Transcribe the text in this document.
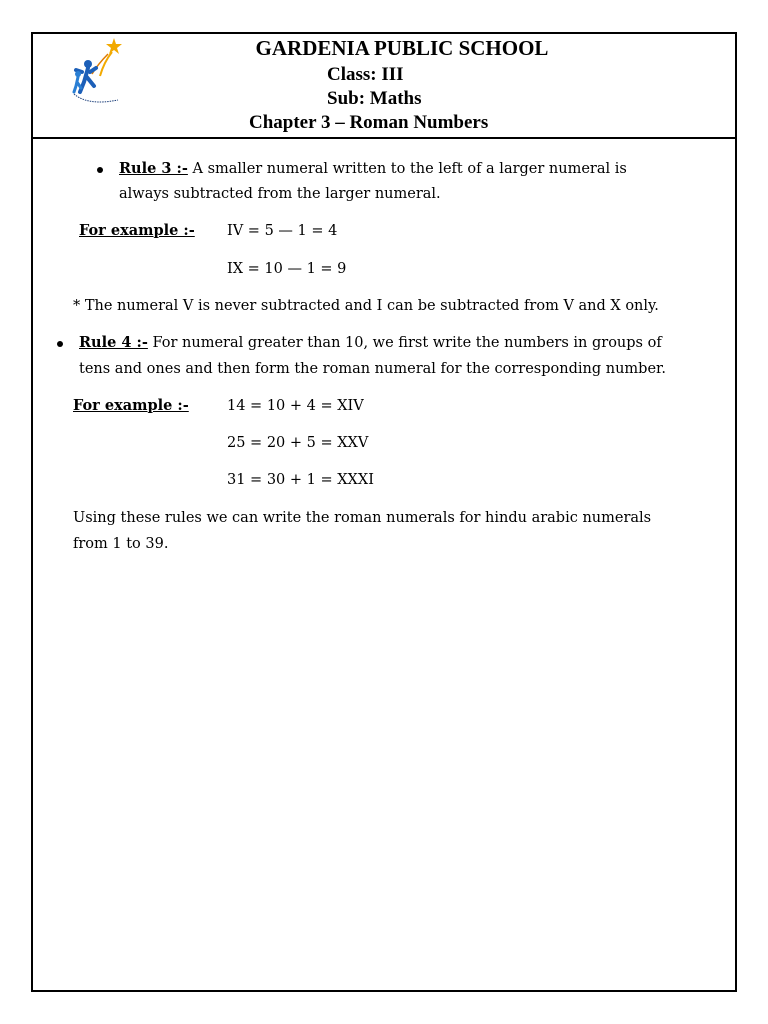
GARDENIA PUBLIC SCHOOL
Class: III
Sub: Maths
Chapter 3 – Roman Numbers
Rule 3 :- A smaller numeral written to the left of a larger numeral is
always subtracted from the larger numeral.
For example :- IV = 5 — 1 = 4
IX = 10 — 1 = 9
* The numeral V is never subtracted and I can be subtracted from V and X only.
Rule 4 :- For numeral greater than 10, we first write the numbers in groups of
tens and ones and then form the roman numeral for the corresponding number.
For example :-	14 = 10 + 4 = XIV
25 = 20 + 5 = XXV
31 = 30 + 1 = XXXI
Using these rules we can write the roman numerals for hindu arabic numerals
from 1 to 39.
